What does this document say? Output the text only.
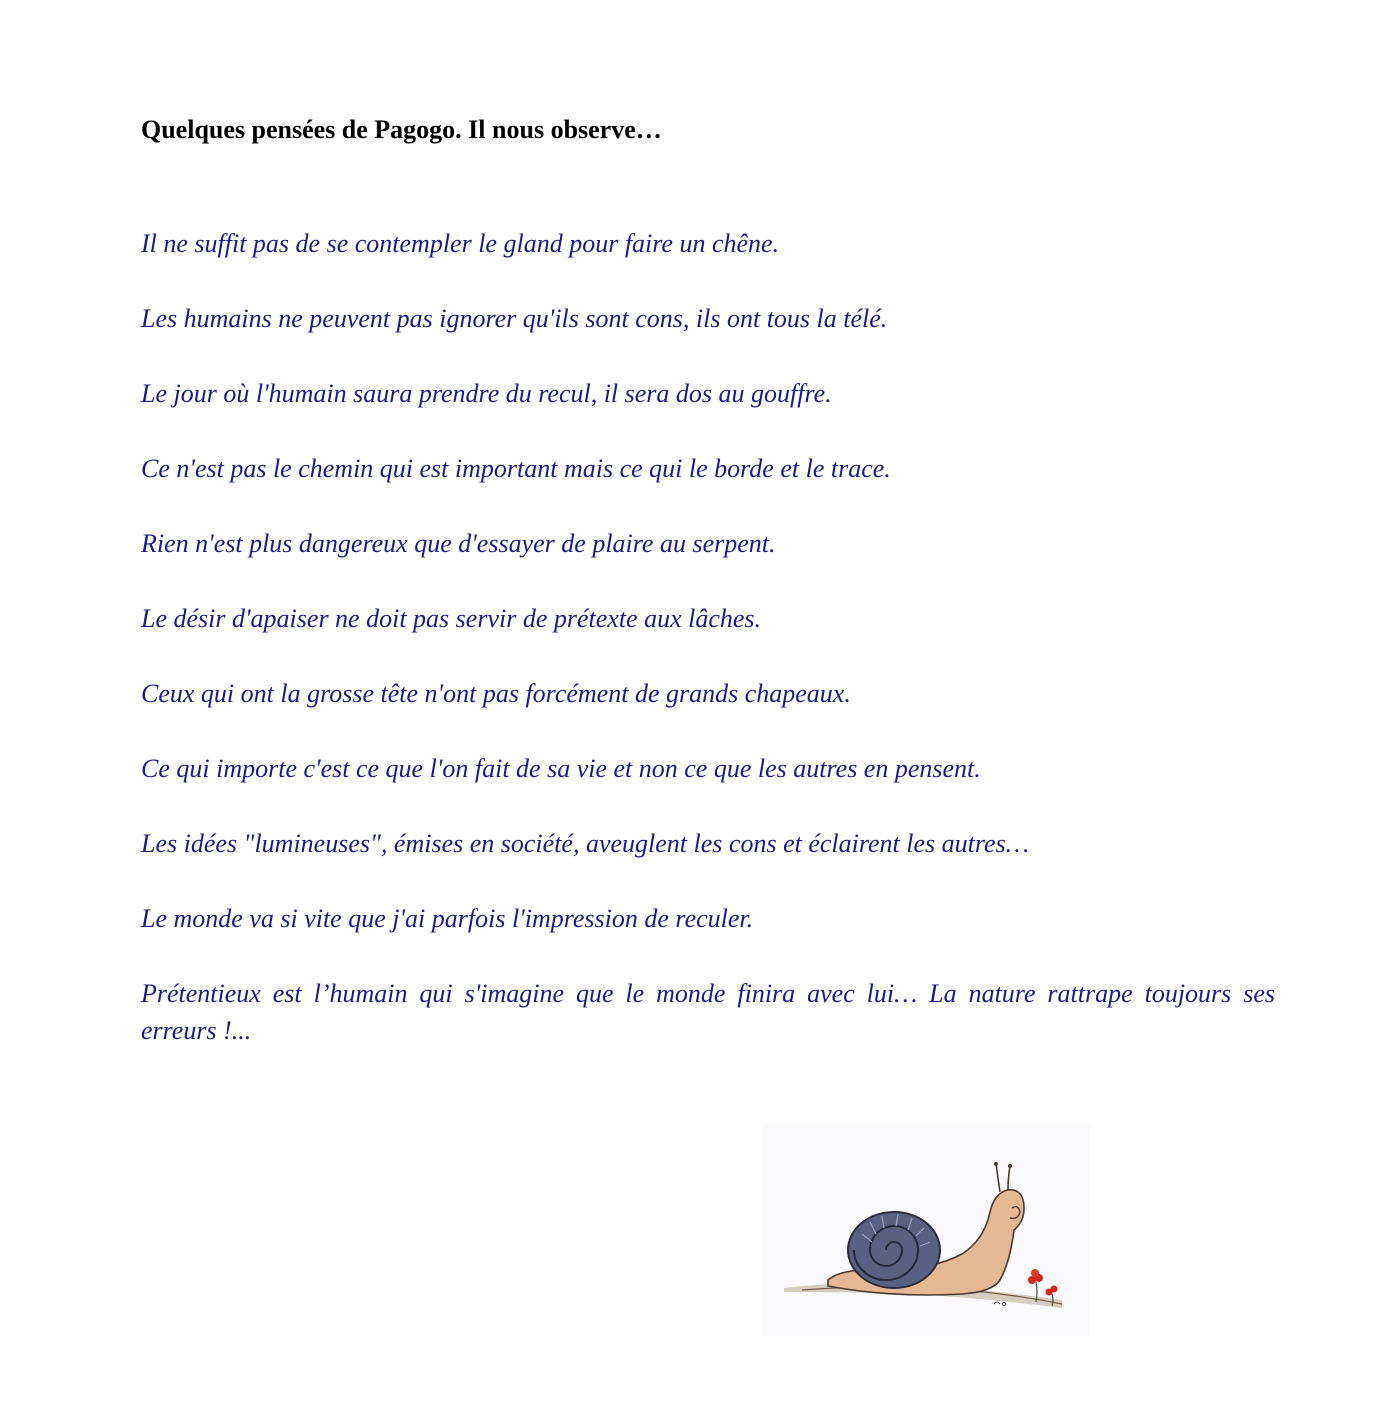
Quelques pensées de Pagogo. Il nous observe…
Il ne suffit pas de se contempler le gland pour faire un chêne.
Les humains ne peuvent pas ignorer qu'ils sont cons, ils ont tous la télé.
Le jour où l'humain saura prendre du recul, il sera dos au gouffre.
Ce n'est pas le chemin qui est important mais ce qui le borde et le trace.
Rien n'est plus dangereux que d'essayer de plaire au serpent.
Le désir d'apaiser ne doit pas servir de prétexte aux lâches.
Ceux qui ont la grosse tête n'ont pas forcément de grands chapeaux.
Ce qui importe c'est ce que l'on fait de sa vie et non ce que les autres en pensent.
Les idées "lumineuses", émises en société, aveuglent les cons et éclairent les autres…
Le monde va si vite que j'ai parfois l'impression de reculer.
Prétentieux est l’humain qui s'imagine que le monde finira avec lui… La nature rattrape toujours ses erreurs !...
